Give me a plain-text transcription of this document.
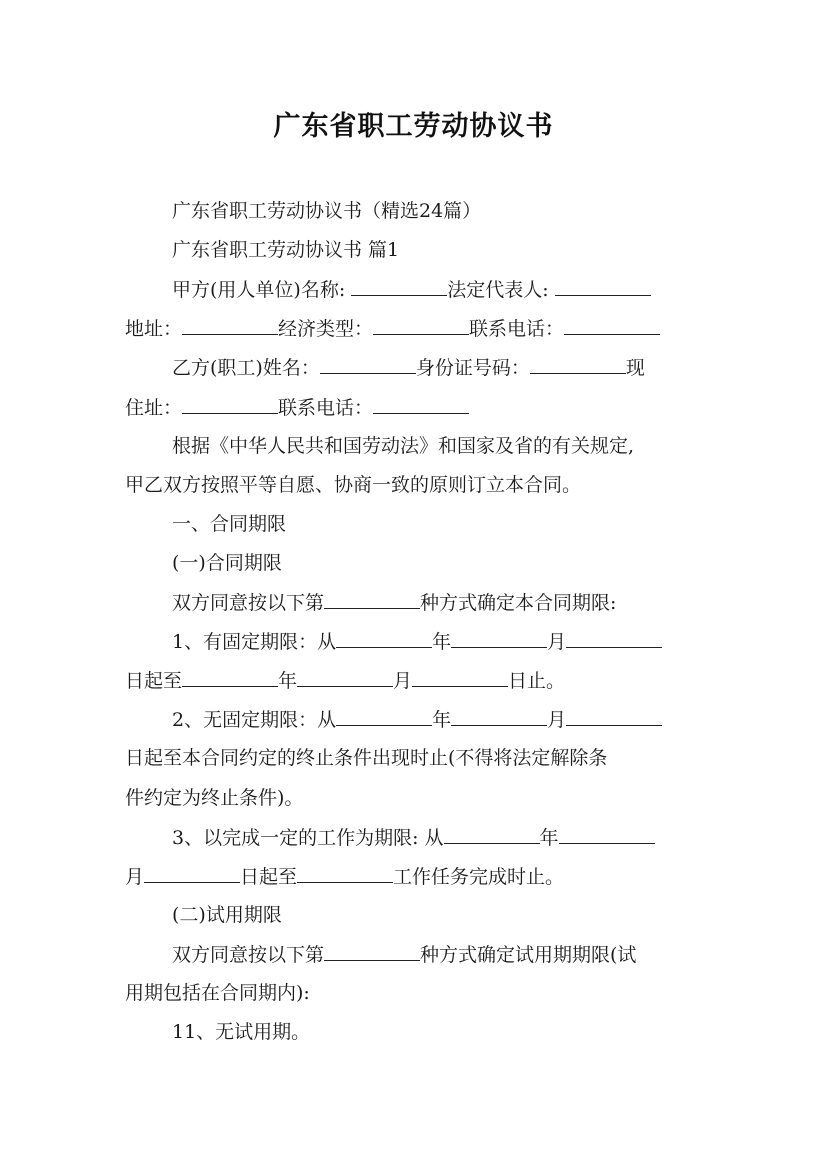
广东省职工劳动协议书
广东省职工劳动协议书（精选24篇）
广东省职工劳动协议书 篇1
甲方(用人单位)名称:	法定代表人:
地址：	经济类型：	联系电话：
乙方(职工)姓名：	身份证号码：	现
住址：	联系电话：
根据《中华人民共和国劳动法》和国家及省的有关规定,
甲乙双方按照平等自愿、协商一致的原则订立本合同。
一、合同期限
(一)合同期限
双方同意按以下第	种方式确定本合同期限:
1、有固定期限：从	年	月
日起至	年	月	日止。
2、无固定期限：从	年	月
日起至本合同约定的终止条件出现时止(不得将法定解除条
件约定为终止条件)。
3、以完成一定的工作为期限: 从	年
月	日起至	工作任务完成时止。
(二)试用期限
双方同意按以下第	种方式确定试用期期限(试
用期包括在合同期内):
11、无试用期。
